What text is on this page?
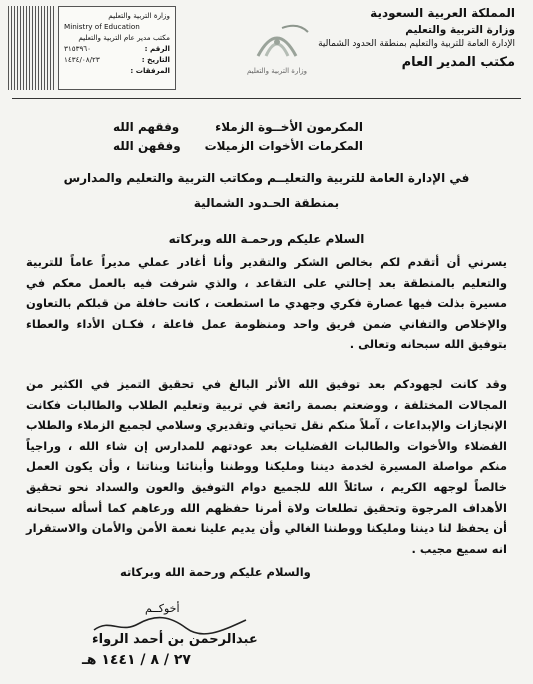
وزارة التربية والتعليم
Ministry of Education
مكتب مدير عام التربية والتعليم
الرقم :
٣١٥٣٩٦٠
التاريخ :
١٤٣٤/٠٨/٢٣
المرفقات :	وزارة التربية والتعليم
المملكة العربية السعودية
وزارة التربية والتعليم
الإدارة العامة للتربية والتعليم بمنطقة الحدود الشمالية
مكتب المدير العام
المكرمون الأخــوة الزملاء
وفقهم الله
المكرمات الأخوات الزميلات
وفقهن الله
في الإدارة العامة للتربية والتعليــم ومكاتب التربية والتعليم والمدارس
بمنطقة الحـدود الشمالية
السلام عليكم ورحمـة الله وبركاته
يسرني أن أتقدم لكم بخالص الشكر والتقدير وأنا أغادر عملي مديراً عاماً للتربية والتعليم بالمنطقة بعد إحالتي على التقاعد ، والذي شرفت فيه بالعمل معكم في مسيرة بذلت فيها عصارة فكري وجهدي ما استطعت ، كانت حافلة من قبلكم بالتعاون والإخلاص والتفاني ضمن فريق واحد ومنظومة عمل فاعلة ، فكـان الأداء والعطاء بتوفيق الله سبحانه وتعالى .
وقد كانت لجهودكم بعد توفيق الله الأثر البالغ في تحقيق التميز في الكثير من المجالات المختلفة ، ووضعتم بصمة رائعة في تربية وتعليم الطلاب والطالبات فكانت الإنجازات والإبداعات ، آملاً منكم نقل تحياتي وتقديري وسلامي لجميع الزملاء والطلاب الفضلاء والأخوات والطالبات الفضليات بعد عودتهم للمدارس إن شاء الله ، وراجياً منكم مواصلة المسيرة لخدمة ديننا ومليكنا ووطننا وأبنائنا وبناتنا ، وأن يكون العمل خالصاً لوجهه الكريم ، سائلاً الله للجميع دوام التوفيق والعون والسداد نحو تحقيق الأهداف المرجوة وتحقيق تطلعات ولاة أمرنا حفظهم الله ورعاهم كما أسأله سبحانه أن يحفظ لنا ديننا ومليكنا ووطننا الغالي وأن يديم علينا نعمة الأمن والأمان والاستقرار انه سميع مجيب .
والسلام عليكم ورحمة الله وبركاته
أخوكــم
عبدالرحمن بن أحمد الرواء
٢٧ / ٨ / ١٤٤١ هـ
